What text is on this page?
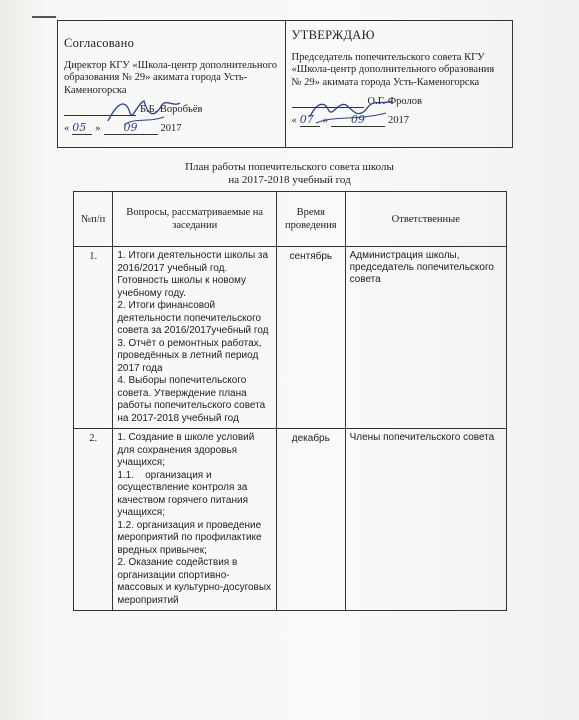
Согласовано
Директор КГУ «Школа-центр дополнительного образования № 29» акимата города Усть-Каменогорска
Б.Б. Воробьёв
« 05 »	09	2017
УТВЕРЖДАЮ
Председатель попечительского совета КГУ «Школа-центр дополнительного образования № 29» акимата города Усть-Каменогорска
О.Г. Фролов
« 07 »	09	2017
План работы попечительского совета школы
на 2017-2018 учебный год
№п/п	Вопросы, рассматриваемые на заседании	Время проведения	Ответственные
1.	1. Итоги деятельности школы за 2016/2017 учебный год. Готовность школы к новому учебному году.
2. Итоги финансовой деятельности попечительского совета за 2016/2017учебный год
3. Отчёт о ремонтных работах, проведённых в летний период 2017 года
4. Выборы попечительского совета. Утверждение плана работы попечительского совета на 2017-2018 учебный год	сентябрь	Администрация школы, председатель попечительского совета
2.	1. Создание в школе условий для сохранения здоровья учащихся;
1.1.    организация и осуществление контроля за качеством горячего питания учащихся;
1.2. организация и проведение мероприятий по профилактике вредных привычек;
2. Оказание содействия в организации спортивно-массовых и культурно-досуговых мероприятий	декабрь	Члены попечительского совета
